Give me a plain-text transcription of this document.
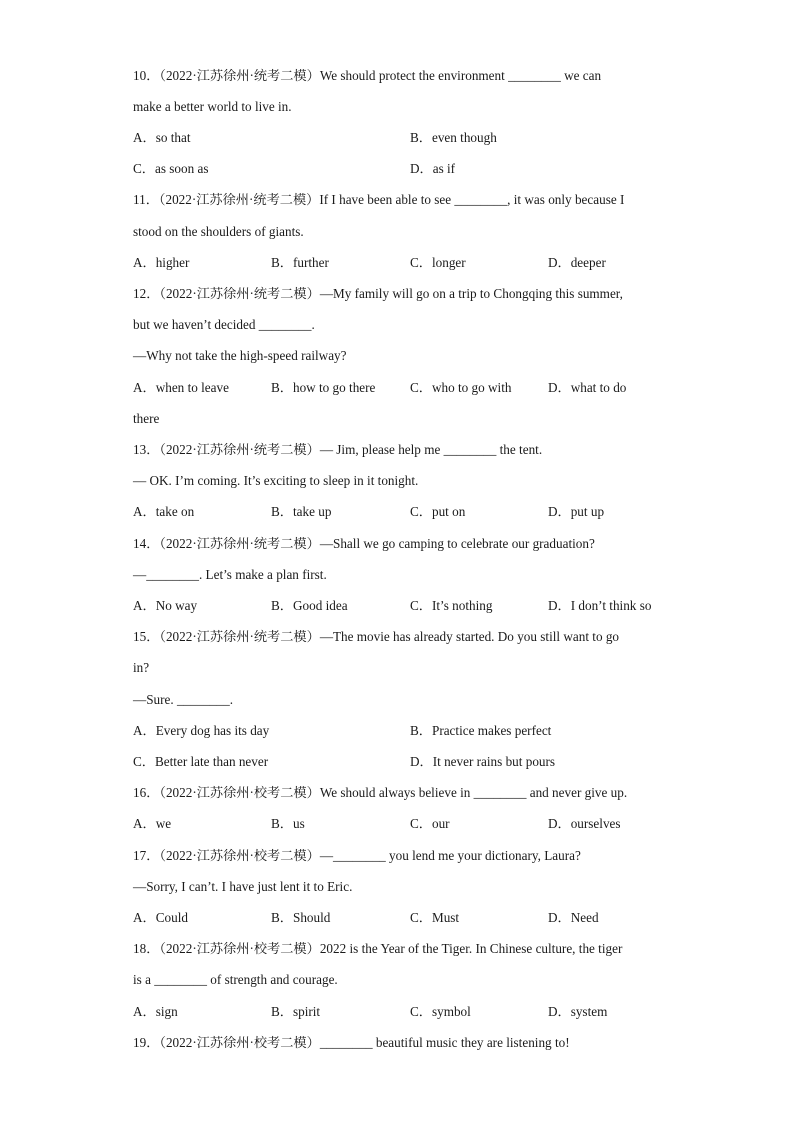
10．（2022·江苏徐州·统考二模）We should protect the environment ________ we can
make a better world to live in.
A．so that	B．even though
C．as soon as	D．as if
11．（2022·江苏徐州·统考二模）If I have been able to see ________, it was only because I
stood on the shoulders of giants.
A．higher	B．further	C．longer	D．deeper
12．（2022·江苏徐州·统考二模）—My family will go on a trip to Chongqing this summer,
but we haven’t decided ________.
—Why not take the high-speed railway?
A．when to leave	B．how to go there	C．who to go with	D．what to do
there
13．（2022·江苏徐州·统考二模）— Jim, please help me ________ the tent.
— OK. I’m coming. It’s exciting to sleep in it tonight.
A．take on	B．take up	C．put on	D．put up
14．（2022·江苏徐州·统考二模）—Shall we go camping to celebrate our graduation?
—________. Let’s make a plan first.
A．No way	B．Good idea	C．It’s nothing	D．I don’t think so
15．（2022·江苏徐州·统考二模）—The movie has already started. Do you still want to go
in?
—Sure. ________.
A．Every dog has its day	B．Practice makes perfect
C．Better late than never	D．It never rains but pours
16．（2022·江苏徐州·校考二模）We should always believe in ________ and never give up.
A．we	B．us	C．our	D．ourselves
17．（2022·江苏徐州·校考二模）—________ you lend me your dictionary, Laura?
—Sorry, I can’t. I have just lent it to Eric.
A．Could	B．Should	C．Must	D．Need
18．（2022·江苏徐州·校考二模）2022 is the Year of the Tiger. In Chinese culture, the tiger
is a ________ of strength and courage.
A．sign	B．spirit	C．symbol	D．system
19．（2022·江苏徐州·校考二模）________ beautiful music they are listening to!
